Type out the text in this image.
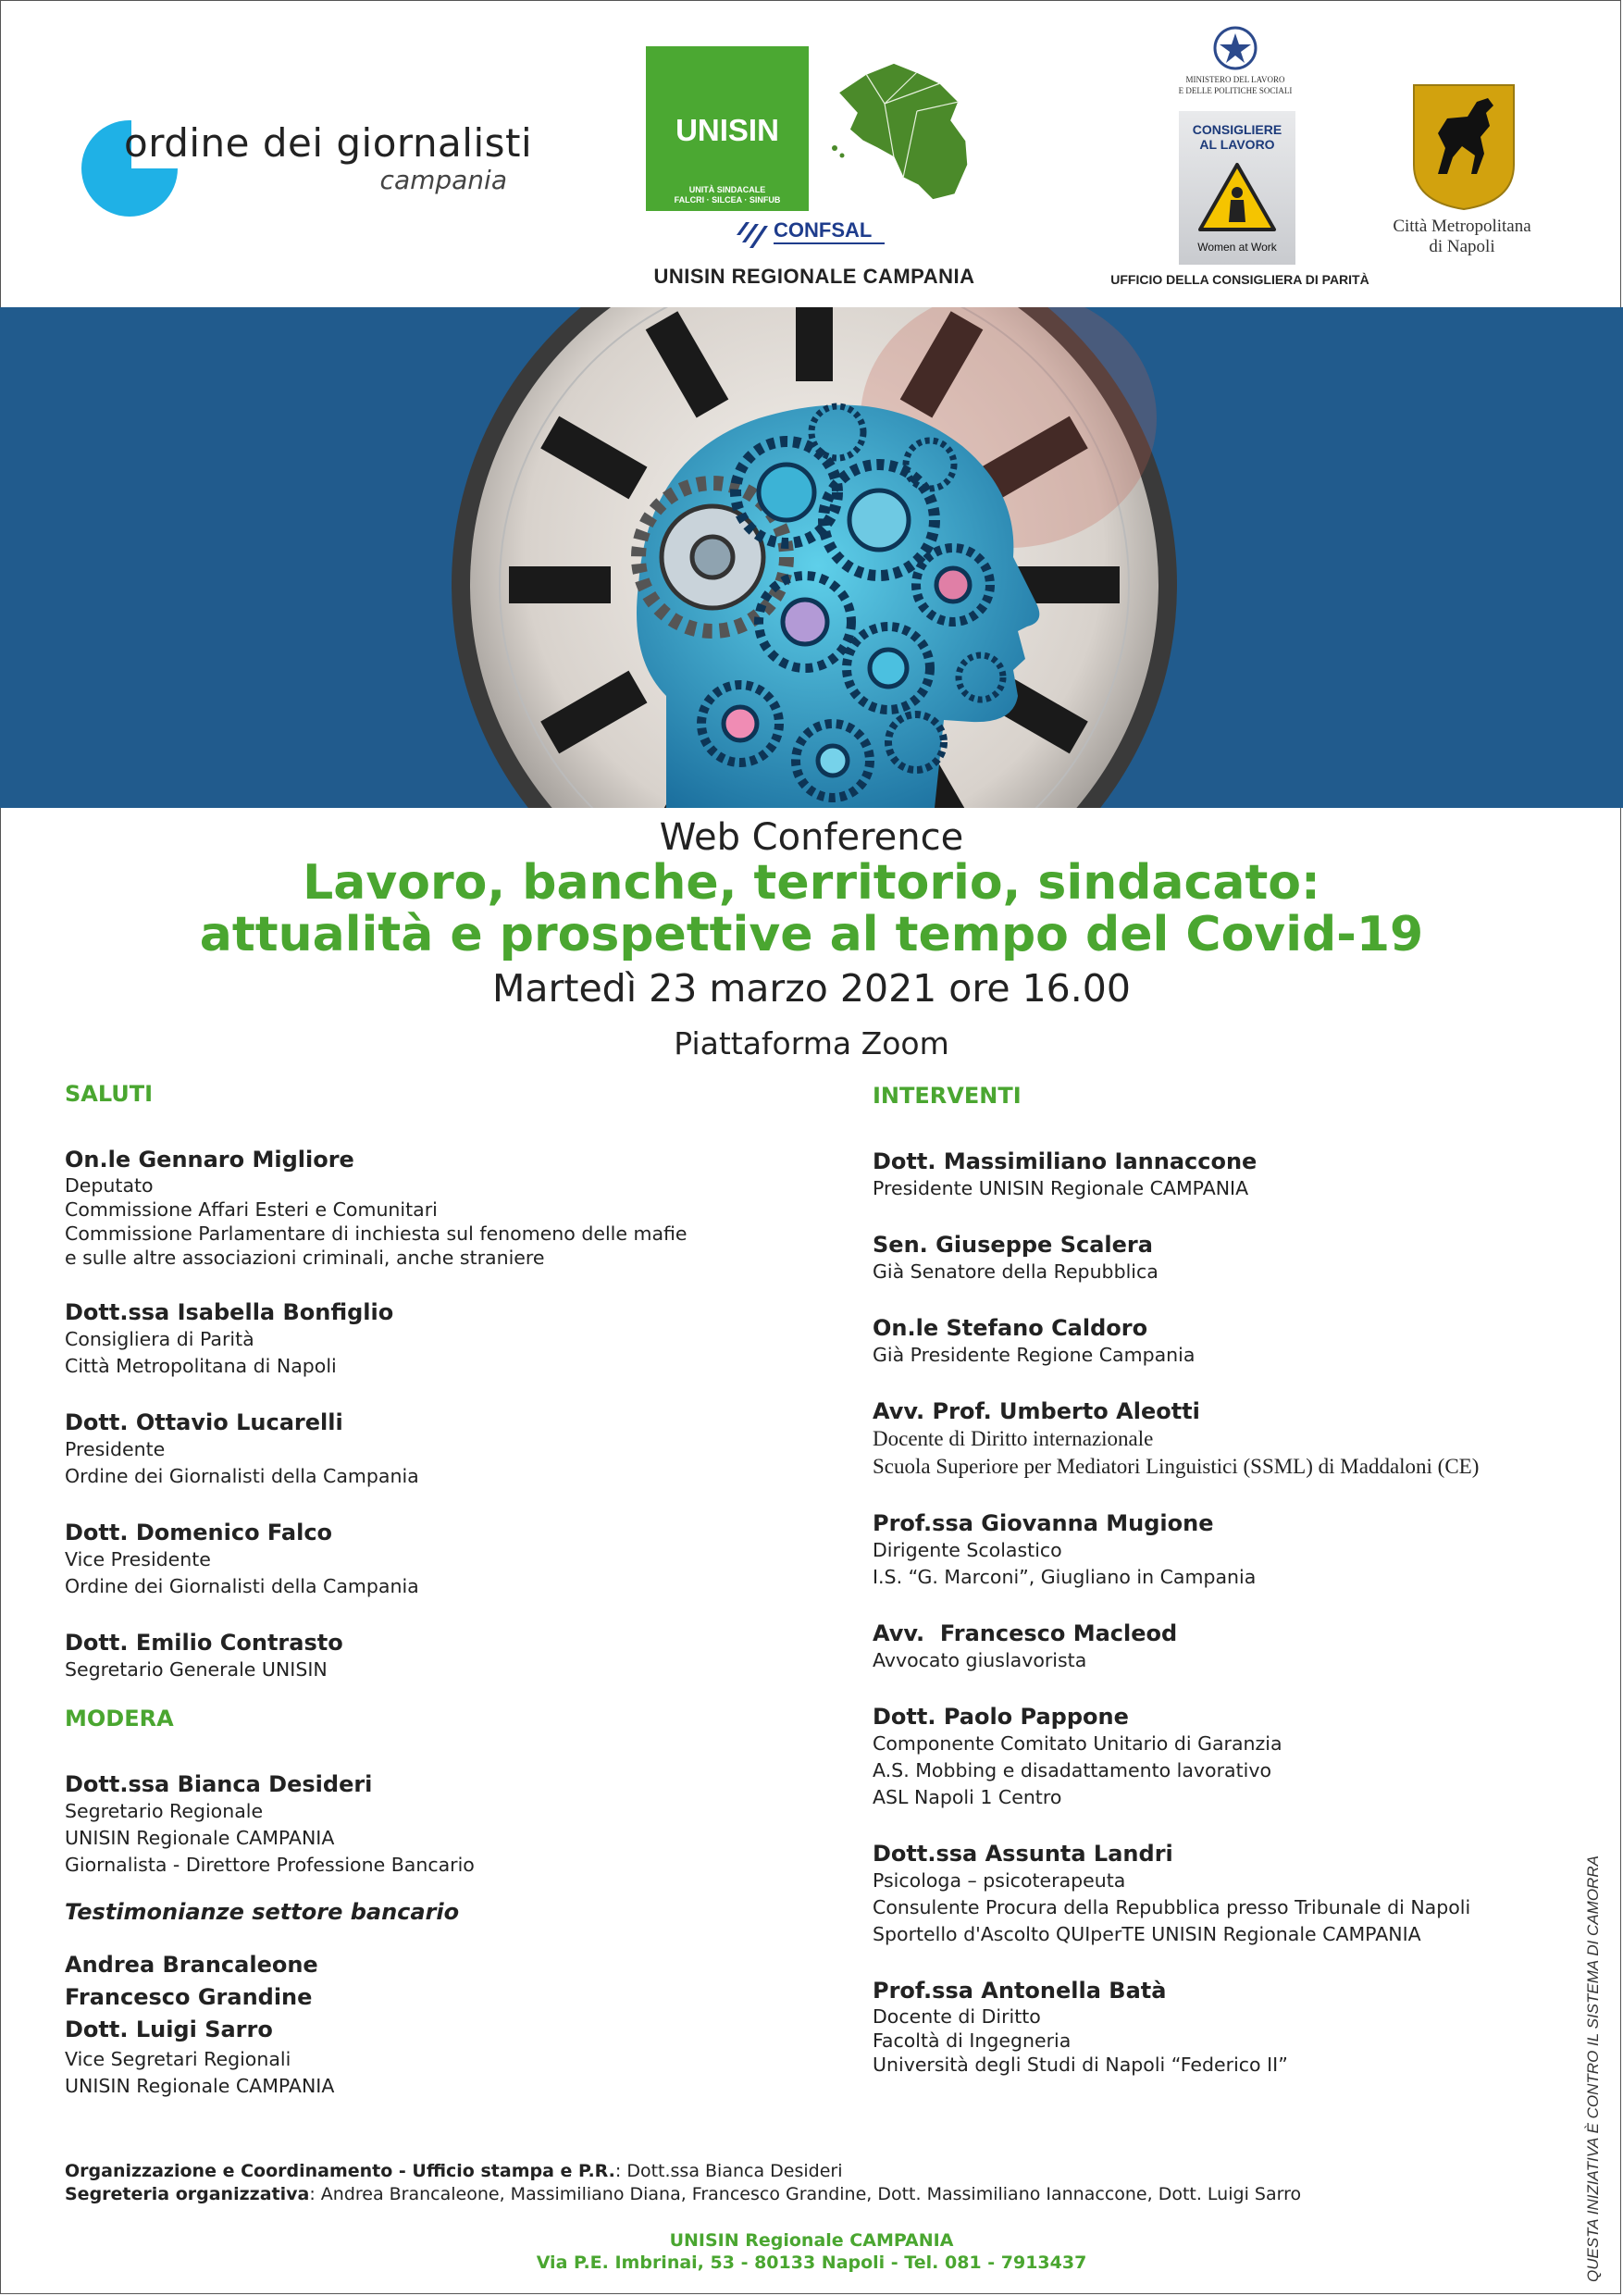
ordine dei giornalisti
campania
UNISIN
UNITÀ SINDACALE
FALCRI · SILCEA · SINFUB
CONFSAL
UNISIN REGIONALE CAMPANIA
MINISTERO DEL LAVORO
E DELLE POLITICHE SOCIALI
CONSIGLIERE
AL LAVORO
Women at Work
UFFICIO DELLA CONSIGLIERA DI PARITÀ
Città Metropolitana
di Napoli
Web Conference
Lavoro, banche, territorio, sindacato:
attualità e prospettive al tempo del Covid-19
Martedì 23 marzo 2021 ore 16.00
Piattaforma Zoom
SALUTI
On.le Gennaro Migliore
Deputato
Commissione Affari Esteri e Comunitari
Commissione Parlamentare di inchiesta sul fenomeno delle mafie
e sulle altre associazioni criminali, anche straniere
Dott.ssa Isabella Bonfiglio
Consigliera di Parità
Città Metropolitana di Napoli
Dott. Ottavio Lucarelli
Presidente
Ordine dei Giornalisti della Campania
Dott. Domenico Falco
Vice Presidente
Ordine dei Giornalisti della Campania
Dott. Emilio Contrasto
Segretario Generale UNISIN
MODERA
Dott.ssa Bianca Desideri
Segretario Regionale
UNISIN Regionale CAMPANIA
Giornalista - Direttore Professione Bancario
Testimonianze settore bancario
Andrea Brancaleone
Francesco Grandine
Dott. Luigi Sarro
Vice Segretari Regionali
UNISIN Regionale CAMPANIA
INTERVENTI
Dott. Massimiliano Iannaccone
Presidente UNISIN Regionale CAMPANIA
Sen. Giuseppe Scalera
Già Senatore della Repubblica
On.le Stefano Caldoro
Già Presidente Regione Campania
Avv. Prof. Umberto Aleotti
Docente di Diritto internazionale
Scuola Superiore per Mediatori Linguistici (SSML) di Maddaloni (CE)
Prof.ssa Giovanna Mugione
Dirigente Scolastico
I.S. “G. Marconi”, Giugliano in Campania
Avv.  Francesco Macleod
Avvocato giuslavorista
Dott. Paolo Pappone
Componente Comitato Unitario di Garanzia
A.S. Mobbing e disadattamento lavorativo
ASL Napoli 1 Centro
Dott.ssa Assunta Landri
Psicologa – psicoterapeuta
Consulente Procura della Repubblica presso Tribunale di Napoli
Sportello d'Ascolto QUIperTE UNISIN Regionale CAMPANIA
Prof.ssa Antonella Batà
Docente di Diritto
Facoltà di Ingegneria
Università degli Studi di Napoli “Federico II”
Organizzazione e Coordinamento - Ufficio stampa e P.R.: Dott.ssa Bianca Desideri
Segreteria organizzativa: Andrea Brancaleone, Massimiliano Diana, Francesco Grandine, Dott. Massimiliano Iannaccone, Dott. Luigi Sarro
UNISIN Regionale CAMPANIA
Via P.E. Imbrinai, 53 - 80133 Napoli - Tel. 081 - 7913437	QUESTA INIZIATIVA È CONTRO IL SISTEMA DI CAMORRA
